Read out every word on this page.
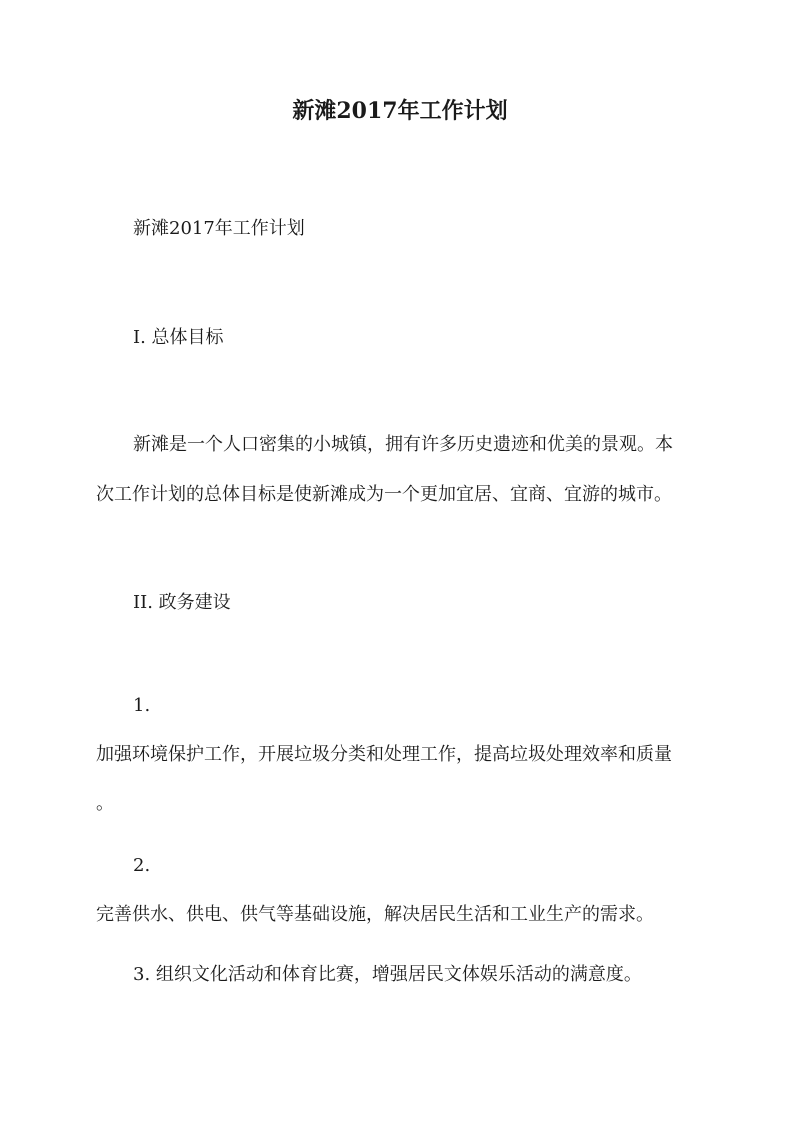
新滩2017年工作计划
新滩2017年工作计划
I. 总体目标
新滩是一个人口密集的小城镇，拥有许多历史遗迹和优美的景观。本
次工作计划的总体目标是使新滩成为一个更加宜居、宜商、宜游的城市。
II. 政务建设
1.
加强环境保护工作，开展垃圾分类和处理工作，提高垃圾处理效率和质量
。
2.
完善供水、供电、供气等基础设施，解决居民生活和工业生产的需求。
3. 组织文化活动和体育比赛，增强居民文体娱乐活动的满意度。
